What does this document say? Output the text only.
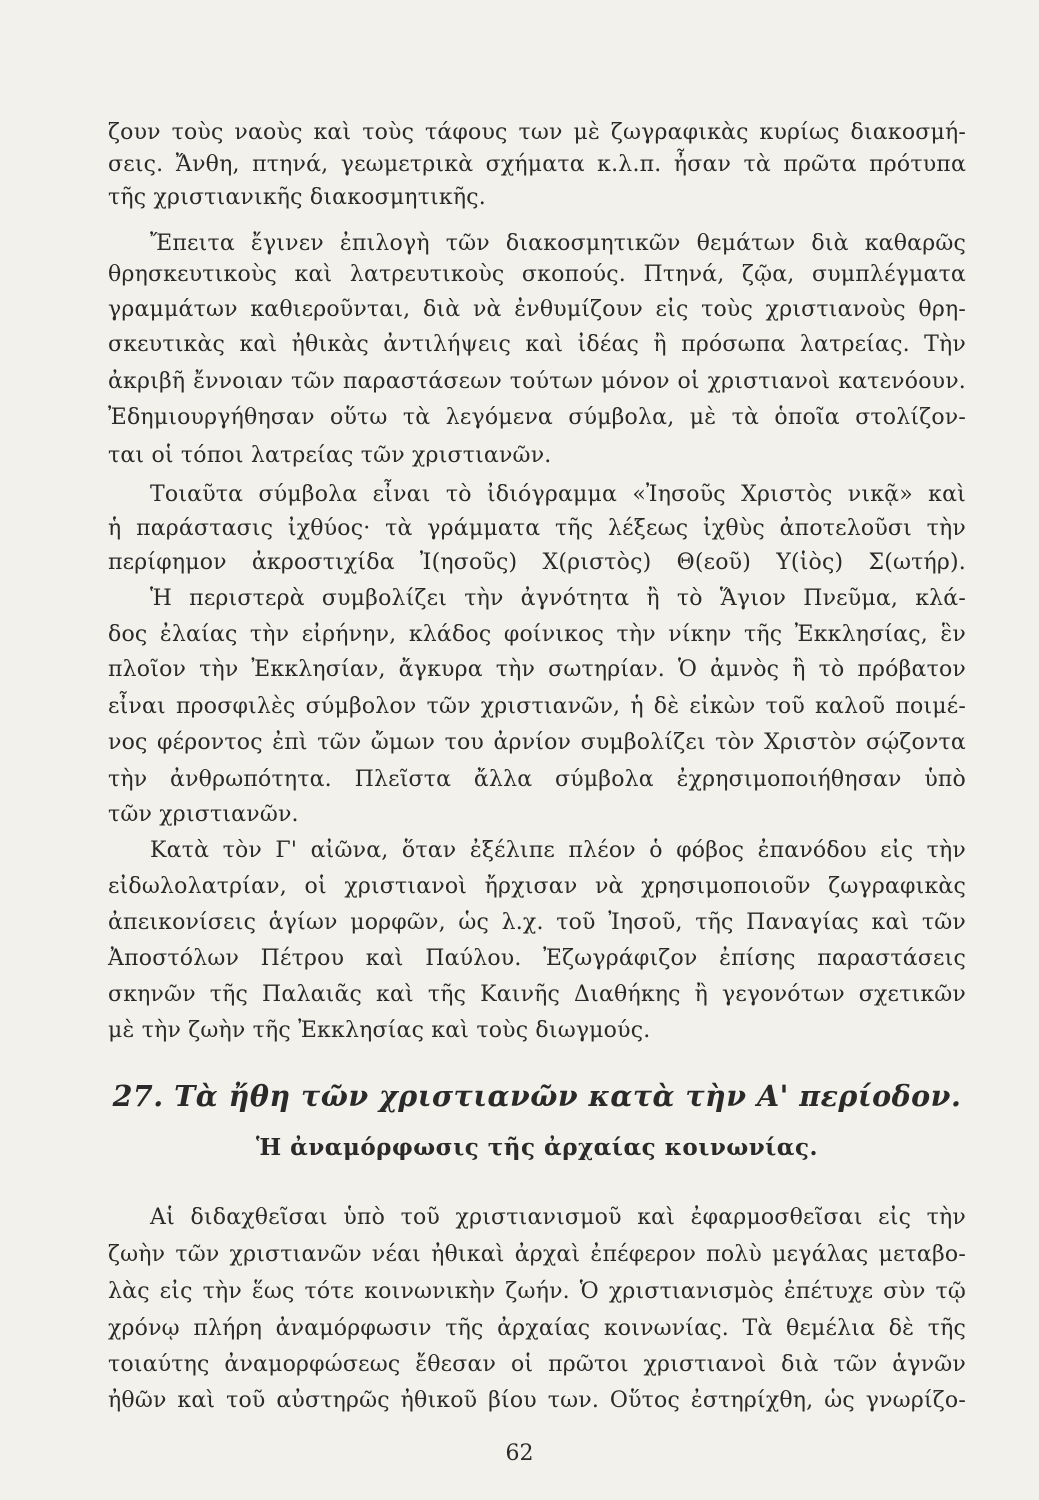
ζουν τοὺς ναοὺς καὶ τοὺς τάφους των μὲ ζωγραφικὰς κυρίως διακοσμή-
σεις. Ἄνθη, πτηνά, γεωμετρικὰ σχήματα κ.λ.π. ἦσαν τὰ πρῶτα πρότυπα
τῆς χριστιανικῆς διακοσμητικῆς.
Ἔπειτα ἔγινεν ἐπιλογὴ τῶν διακοσμητικῶν θεμάτων διὰ καθαρῶς
θρησκευτικοὺς καὶ λατρευτικοὺς σκοπούς. Πτηνά, ζῷα, συμπλέγματα
γραμμάτων καθιεροῦνται, διὰ νὰ ἐνθυμίζουν εἰς τοὺς χριστιανοὺς θρη-
σκευτικὰς καὶ ἠθικὰς ἀντιλήψεις καὶ ἰδέας ἢ πρόσωπα λατρείας. Τὴν
ἀκριβῆ ἔννοιαν τῶν παραστάσεων τούτων μόνον οἱ χριστιανοὶ κατενόουν.
Ἐδημιουργήθησαν οὕτω τὰ λεγόμενα σύμβολα, μὲ τὰ ὁποῖα στολίζον-
ται οἱ τόποι λατρείας τῶν χριστιανῶν.
Τοιαῦτα σύμβολα εἶναι τὸ ἰδιόγραμμα «Ἰησοῦς Χριστὸς νικᾷ» καὶ
ἡ παράστασις ἰχθύος· τὰ γράμματα τῆς λέξεως ἰχθὺς ἀποτελοῦσι τὴν
περίφημον ἀκροστιχίδα Ἰ(ησοῦς) Χ(ριστὸς) Θ(εοῦ) Υ(ἱὸς) Σ(ωτήρ).
Ἡ περιστερὰ συμβολίζει τὴν ἀγνότητα ἢ τὸ Ἅγιον Πνεῦμα, κλά-
δος ἐλαίας τὴν εἰρήνην, κλάδος φοίνικος τὴν νίκην τῆς Ἐκκλησίας, ἓν
πλοῖον τὴν Ἐκκλησίαν, ἄγκυρα τὴν σωτηρίαν. Ὁ ἀμνὸς ἢ τὸ πρόβατον
εἶναι προσφιλὲς σύμβολον τῶν χριστιανῶν, ἡ δὲ εἰκὼν τοῦ καλοῦ ποιμέ-
νος φέροντος ἐπὶ τῶν ὤμων του ἀρνίον συμβολίζει τὸν Χριστὸν σῴζοντα
τὴν ἀνθρωπότητα. Πλεῖστα ἄλλα σύμβολα ἐχρησιμοποιήθησαν ὑπὸ
τῶν χριστιανῶν.
Κατὰ τὸν Γ' αἰῶνα, ὅταν ἐξέλιπε πλέον ὁ φόβος ἐπανόδου εἰς τὴν
εἰδωλολατρίαν, οἱ χριστιανοὶ ἤρχισαν νὰ χρησιμοποιοῦν ζωγραφικὰς
ἀπεικονίσεις ἁγίων μορφῶν, ὡς λ.χ. τοῦ Ἰησοῦ, τῆς Παναγίας καὶ τῶν
Ἀποστόλων Πέτρου καὶ Παύλου. Ἐζωγράφιζον ἐπίσης παραστάσεις
σκηνῶν τῆς Παλαιᾶς καὶ τῆς Καινῆς Διαθήκης ἢ γεγονότων σχετικῶν
μὲ τὴν ζωὴν τῆς Ἐκκλησίας καὶ τοὺς διωγμούς.
27. Τὰ ἤθη τῶν χριστιανῶν κατὰ τὴν Α' περίοδον.
Ἡ ἀναμόρφωσις τῆς ἀρχαίας κοινωνίας.
Αἱ διδαχθεῖσαι ὑπὸ τοῦ χριστιανισμοῦ καὶ ἐφαρμοσθεῖσαι εἰς τὴν
ζωὴν τῶν χριστιανῶν νέαι ἠθικαὶ ἀρχαὶ ἐπέφερον πολὺ μεγάλας μεταβο-
λὰς εἰς τὴν ἕως τότε κοινωνικὴν ζωήν. Ὁ χριστιανισμὸς ἐπέτυχε σὺν τῷ
χρόνῳ πλήρη ἀναμόρφωσιν τῆς ἀρχαίας κοινωνίας. Τὰ θεμέλια δὲ τῆς
τοιαύτης ἀναμορφώσεως ἔθεσαν οἱ πρῶτοι χριστιανοὶ διὰ τῶν ἁγνῶν
ἠθῶν καὶ τοῦ αὐστηρῶς ἠθικοῦ βίου των. Οὕτος ἐστηρίχθη, ὡς γνωρίζο-
62
